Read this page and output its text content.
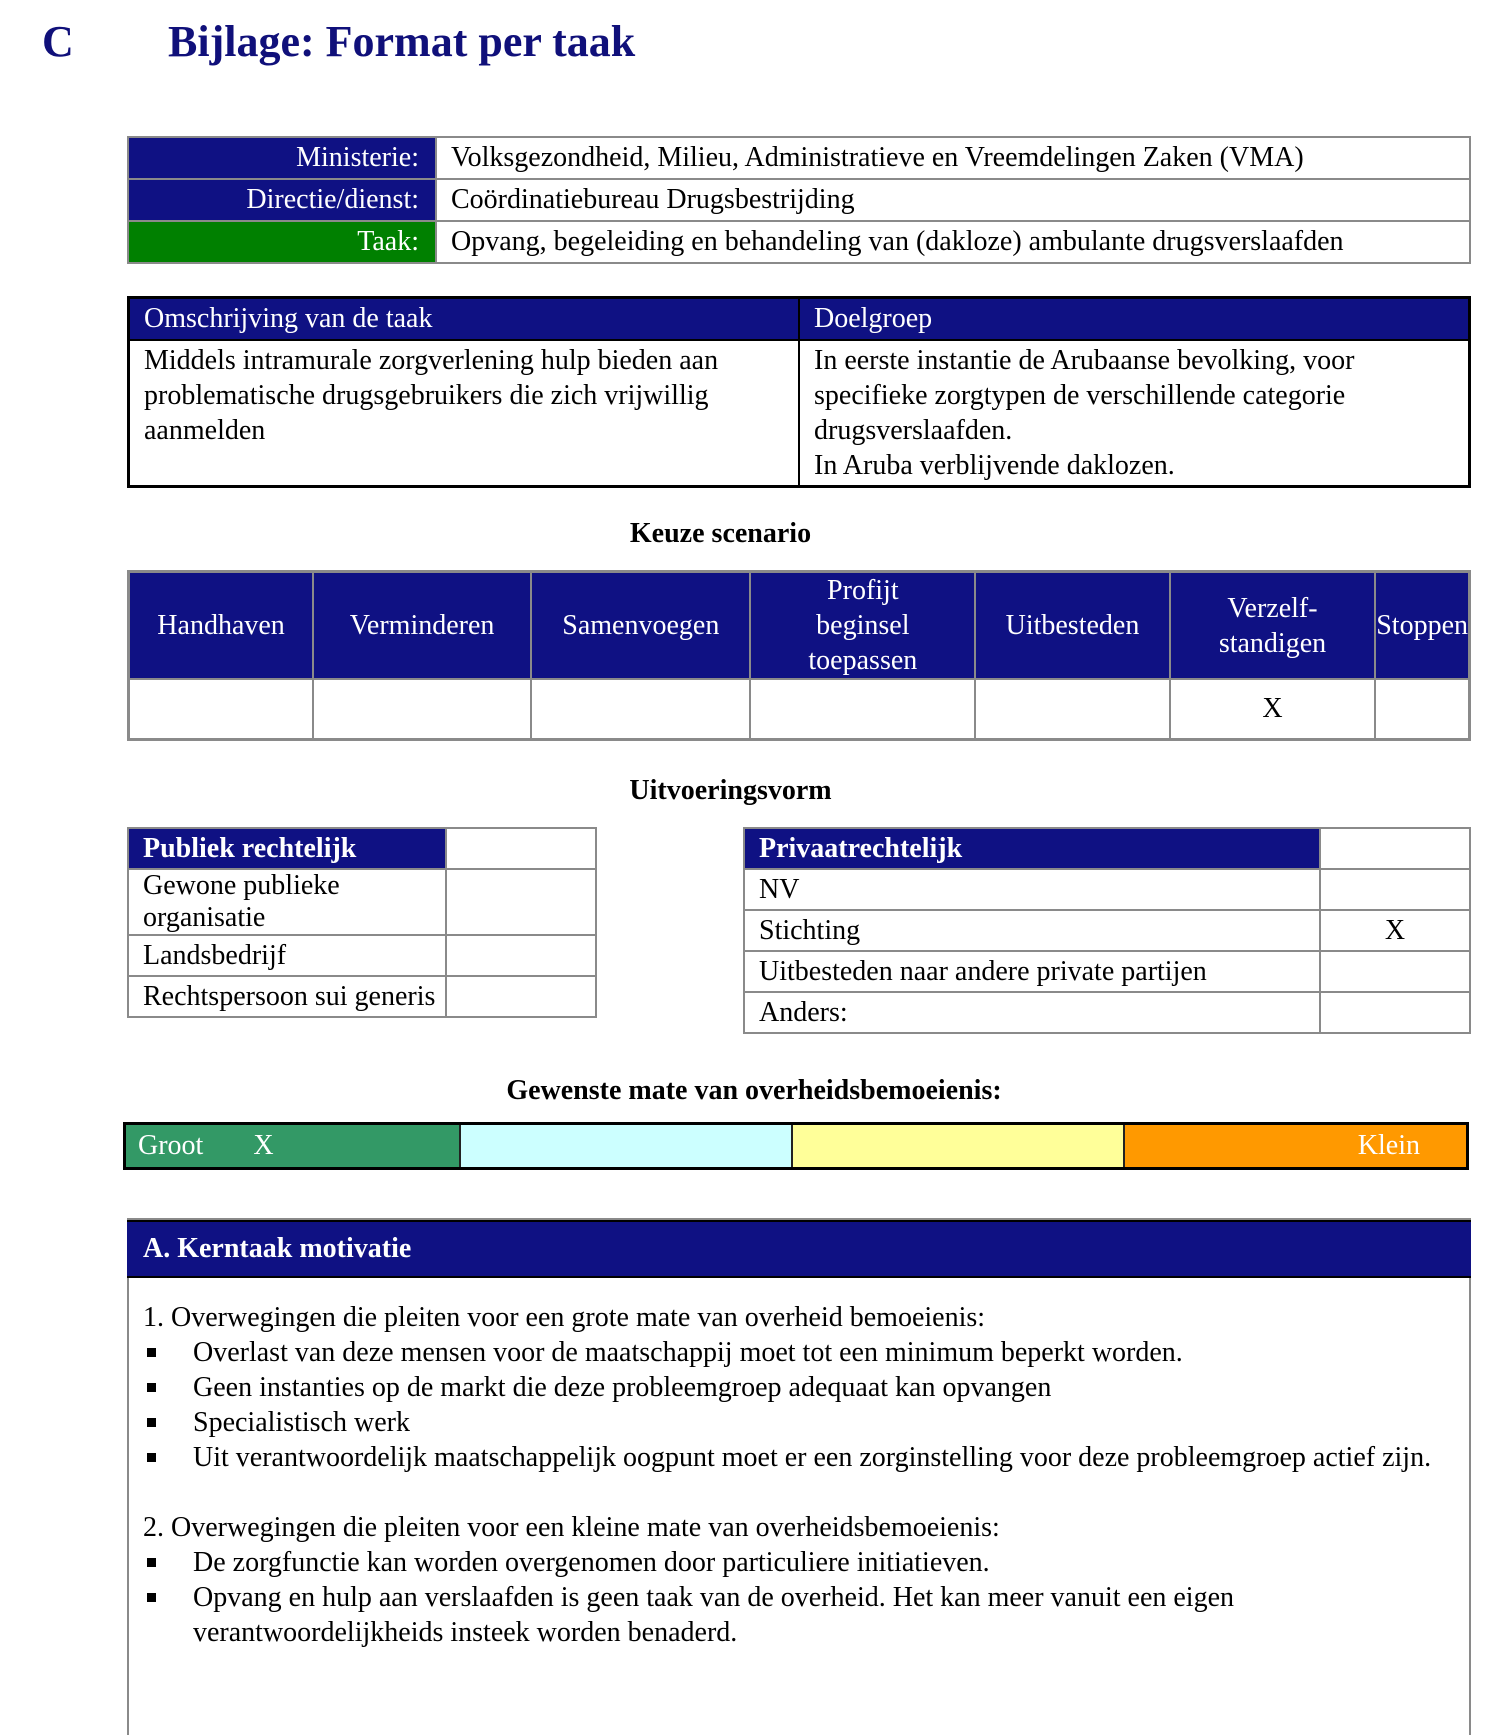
C Bijlage: Format per taak
Ministerie:	Volksgezondheid, Milieu, Administratieve en Vreemdelingen Zaken (VMA)
Directie/dienst:	Coördinatiebureau Drugsbestrijding
Taak:	Opvang, begeleiding en behandeling van (dakloze) ambulante drugsverslaafden
Omschrijving van de taak	Doelgroep
Middels intramurale zorgverlening hulp bieden aan problematische drugsgebruikers die zich vrijwillig aanmelden	In eerste instantie de Arubaanse bevolking, voor specifieke zorgtypen de verschillende categorie drugsverslaafden.
In Aruba verblijvende daklozen.
Keuze scenario
Handhaven	Verminderen	Samenvoegen	Profijt beginsel toepassen	Uitbesteden	Verzelf-standigen	Stoppen
					X	
Uitvoeringsvorm
Publiek rechtelijk	
Gewone publieke organisatie	
Landsbedrijf	
Rechtspersoon sui generis	
Privaatrechtelijk	
NV	
Stichting	X
Uitbesteden naar andere private partijen	
Anders:	
Gewenste mate van overheidsbemoeienis:
Groot X	Klein
A. Kerntaak motivatie

1. Overwegingen die pleiten voor een grote mate van overheid bemoeienis:

Overlast van deze mensen voor de maatschappij moet tot een minimum beperkt worden.

Geen instanties op de markt die deze probleemgroep adequaat kan opvangen

Specialistisch werk

Uit verantwoordelijk maatschappelijk oogpunt moet er een zorginstelling voor deze probleemgroep actief zijn.

2. Overwegingen die pleiten voor een kleine mate van overheidsbemoeienis:

De zorgfunctie kan worden overgenomen door particuliere initiatieven.

Opvang en hulp aan verslaafden is geen taak van de overheid. Het kan meer vanuit een eigen verantwoordelijkheids insteek worden benaderd.
